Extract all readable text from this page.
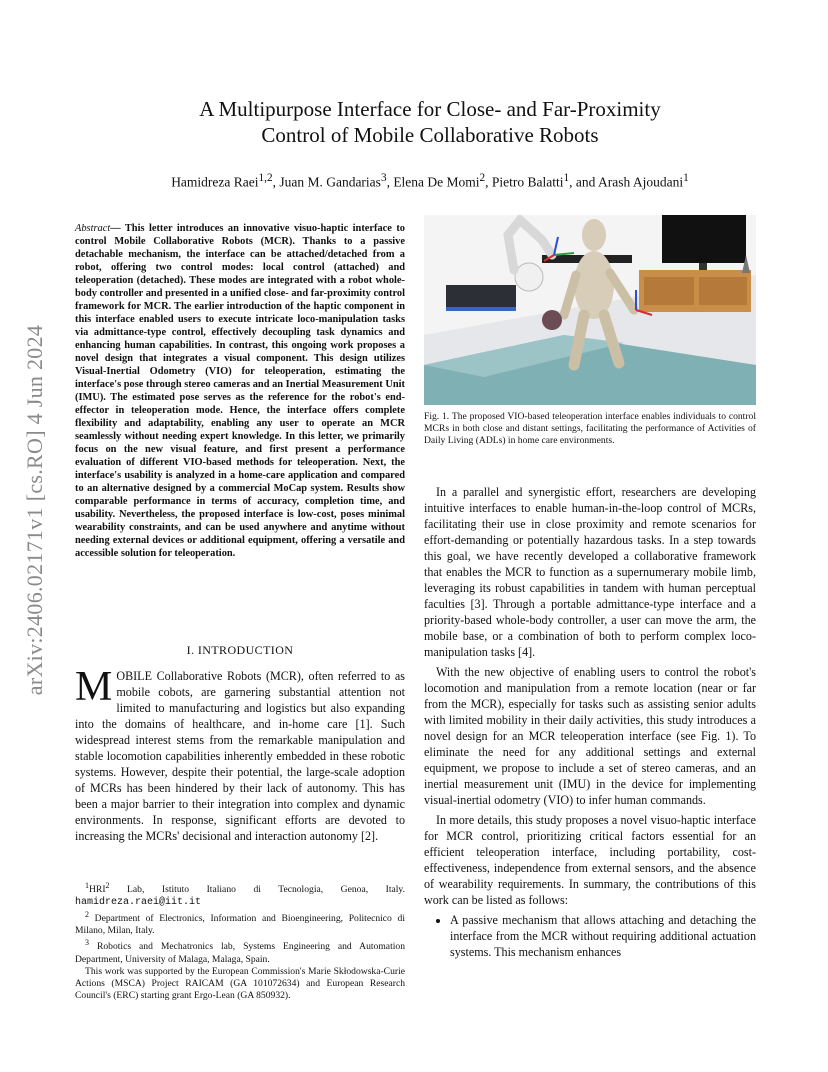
arXiv:2406.02171v1 [cs.RO] 4 Jun 2024
A Multipurpose Interface for Close- and Far-Proximity
Control of Mobile Collaborative Robots
Hamidreza Raei$^{1,2}$, Juan M. Gandarias$^3$, Elena De Momi$^2$, Pietro Balatti$^1$, and Arash Ajoudani$^1$
Abstract— This letter introduces an innovative visuo-haptic interface to control Mobile Collaborative Robots (MCR). Thanks to a passive detachable mechanism, the interface can be attached/detached from a robot, offering two control modes: local control (attached) and teleoperation (detached). These modes are integrated with a robot whole-body controller and presented in a unified close- and far-proximity control framework for MCR. The earlier introduction of the haptic component in this interface enabled users to execute intricate loco-manipulation tasks via admittance-type control, effectively decoupling task dynamics and enhancing human capabilities. In contrast, this ongoing work proposes a novel design that integrates a visual component. This design utilizes Visual-Inertial Odometry (VIO) for teleoperation, estimating the interface's pose through stereo cameras and an Inertial Measurement Unit (IMU). The estimated pose serves as the reference for the robot's end-effector in teleoperation mode. Hence, the interface offers complete flexibility and adaptability, enabling any user to operate an MCR seamlessly without needing expert knowledge. In this letter, we primarily focus on the new visual feature, and first present a performance evaluation of different VIO-based methods for teleoperation. Next, the interface's usability is analyzed in a home-care application and compared to an alternative designed by a commercial MoCap system. Results show comparable performance in terms of accuracy, completion time, and usability. Nevertheless, the proposed interface is low-cost, poses minimal wearability constraints, and can be used anywhere and anytime without needing external devices or additional equipment, offering a versatile and accessible solution for teleoperation.
I. INTRODUCTION
MOBILE Collaborative Robots (MCR), often referred to as mobile cobots, are garnering substantial attention not limited to manufacturing and logistics but also expanding into the domains of healthcare, and in-home care [1]. Such widespread interest stems from the remarkable manipulation and stable locomotion capabilities inherently embedded in these robotic systems. However, despite their potential, the large-scale adoption of MCRs has been hindered by their lack of autonomy. This has been a major barrier to their integration into complex and dynamic environments. In response, significant efforts are devoted to increasing the MCRs' decisional and interaction autonomy [2].

$^1$HRI$^2$ Lab, Istituto Italiano di Tecnologia, Genoa, Italy. hamidreza.raei@iit.it

$^2$ Department of Electronics, Information and Bioengineering, Politecnico di Milano, Milan, Italy.

$^3$ Robotics and Mechatronics lab, Systems Engineering and Automation Department, University of Malaga, Malaga, Spain.

This work was supported by the European Commission's Marie Skłodowska-Curie Actions (MSCA) Project RAICAM (GA 101072634) and European Research Council's (ERC) starting grant Ergo-Lean (GA 850932).

Fig. 1. The proposed VIO-based teleoperation interface enables individuals to control MCRs in both close and distant settings, facilitating the performance of Activities of Daily Living (ADLs) in home care environments.

In a parallel and synergistic effort, researchers are developing intuitive interfaces to enable human-in-the-loop control of MCRs, facilitating their use in close proximity and remote scenarios for effort-demanding or potentially hazardous tasks. In a step towards this goal, we have recently developed a collaborative framework that enables the MCR to function as a supernumerary mobile limb, leveraging its robust capabilities in tandem with human perceptual faculties [3]. Through a portable admittance-type interface and a priority-based whole-body controller, a user can move the arm, the mobile base, or a combination of both to perform complex loco-manipulation tasks [4].

With the new objective of enabling users to control the robot's locomotion and manipulation from a remote location (near or far from the MCR), especially for tasks such as assisting senior adults with limited mobility in their daily activities, this study introduces a novel design for an MCR teleoperation interface (see Fig. 1). To eliminate the need for any additional settings and external equipment, we propose to include a set of stereo cameras, and an inertial measurement unit (IMU) in the device for implementing visual-inertial odometry (VIO) to infer human commands.

In more details, this study proposes a novel visuo-haptic interface for MCR control, prioritizing critical factors essential for an efficient teleoperation interface, including portability, cost-effectiveness, independence from external sensors, and the absence of wearability requirements. In summary, the contributions of this work can be listed as follows:

• A passive mechanism that allows attaching and detaching the interface from the MCR without requiring additional actuation systems. This mechanism enhances
